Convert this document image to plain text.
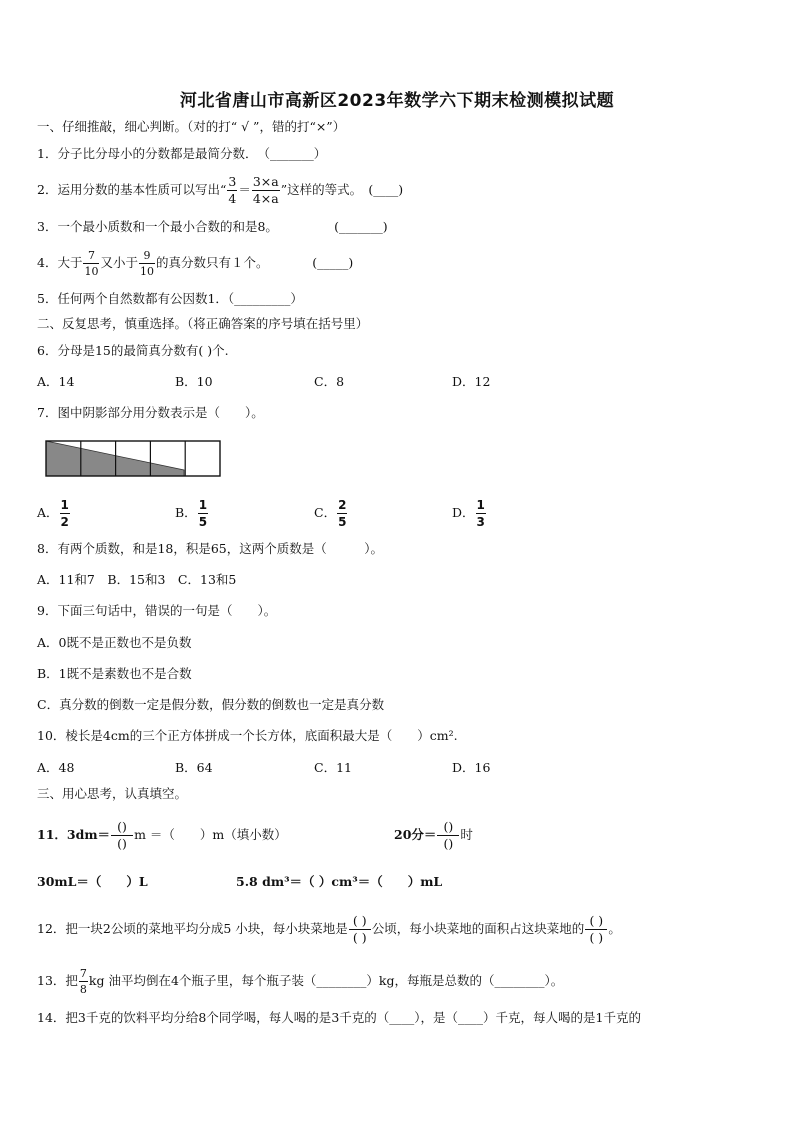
河北省唐山市高新区2023年数学六下期末检测模拟试题
一、仔细推敲，细心判断。（对的打“ √ ”，错的打“×”）
1．分子比分母小的分数都是最简分数．　（_______）
2．运用分数的基本性质可以写出“ $\frac{3}{4} = \frac{3\times a}{4\times a}$ ”这样的等式。　(____)
3．一个最小质数和一个最小合数的和是8。　　　　　(_______)
4．大于 $\frac{7}{10}$ 又小于 $\frac{9}{10}$ 的真分数只有１个。　　　　(_____)
5．任何两个自然数都有公因数1．（_________）
二、反复思考，慎重选择。（将正确答案的序号填在括号里）
6．分母是15的最简真分数有( )个.
A．14	B．10	C．8	D．12
7．图中阴影部分用分数表示是（　　）。
A． $\frac{1}{2}$	B． $\frac{1}{5}$	C． $\frac{2}{5}$	D． $\frac{1}{3}$
8．有两个质数，和是18，积是65，这两个质数是（　　　）。
A．11和7　B．15和3　C．13和5
9．下面三句话中，错误的一句是（　　）。
A．0既不是正数也不是负数
B．1既不是素数也不是合数
C．真分数的倒数一定是假分数，假分数的倒数也一定是真分数
10．棱长是4cm的三个正方体拼成一个长方体，底面积最大是（　　）cm².
A．48	B．64	C．11	D．16
三、用心思考，认真填空。
11．$3dm= \frac{()}{()}$ m ＝（　　）m（填小数）	20分＝ $\frac{()}{()}$ 时
30mL＝（　　）L	5.8 dm³＝（ ）cm³＝（　　）mL
12．把一块2公顷的菜地平均分成5 小块，每小块菜地是 $\frac{( )}{( )}$ 公顷，每小块菜地的面积占这块菜地的 $\frac{( )}{( )}$ 。
13．把 $\frac{7}{8}$ kg 油平均倒在4个瓶子里，每个瓶子装（________）kg，每瓶是总数的（________）。
14．把3千克的饮料平均分给8个同学喝，每人喝的是3千克的（____），是（____）千克，每人喝的是1千克的
